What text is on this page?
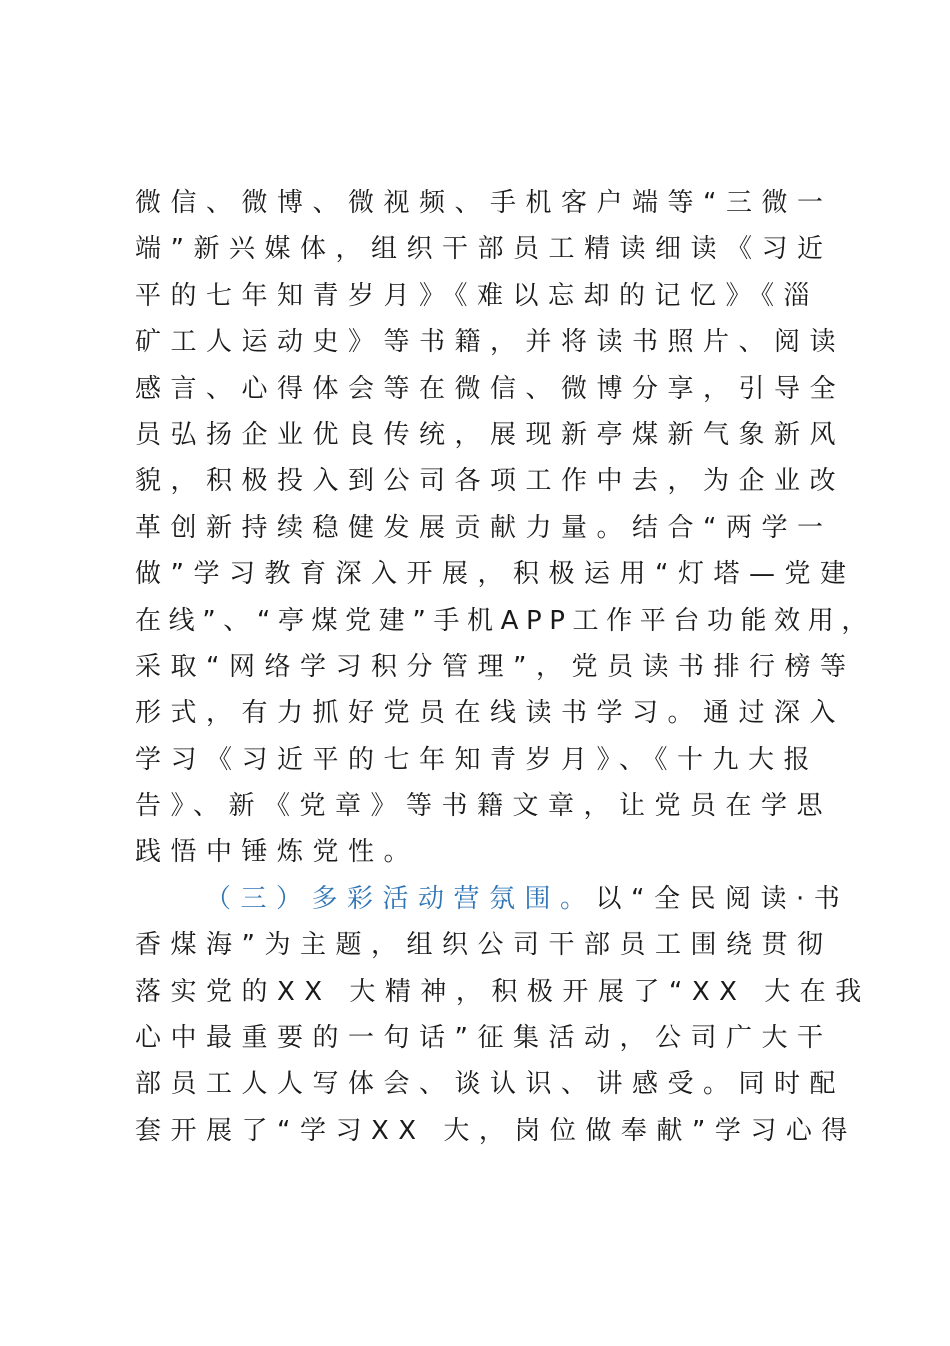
微信、微博、微视频、手机客户端等“三微一
端”新兴媒体，组织干部员工精读细读《习近
平的七年知青岁月》《难以忘却的记忆》《淄
矿工人运动史》等书籍，并将读书照片、阅读
感言、心得体会等在微信、微博分享，引导全
员弘扬企业优良传统，展现新亭煤新气象新风
貌，积极投入到公司各项工作中去，为企业改
革创新持续稳健发展贡献力量。结合“两学一
做”学习教育深入开展，积极运用“灯塔—党建
在线”、“亭煤党建”手机APP工作平台功能效用，
采取“网络学习积分管理”，党员读书排行榜等
形式，有力抓好党员在线读书学习。通过深入
学习《习近平的七年知青岁月》、《十九大报
告》、新《党章》等书籍文章，让党员在学思
践悟中锤炼党性。
（三）多彩活动营氛围。以“全民阅读·书
香煤海”为主题，组织公司干部员工围绕贯彻
落实党的XX 大精神，积极开展了“XX 大在我
心中最重要的一句话”征集活动，公司广大干
部员工人人写体会、谈认识、讲感受。同时配
套开展了“学习XX 大，岗位做奉献”学习心得
